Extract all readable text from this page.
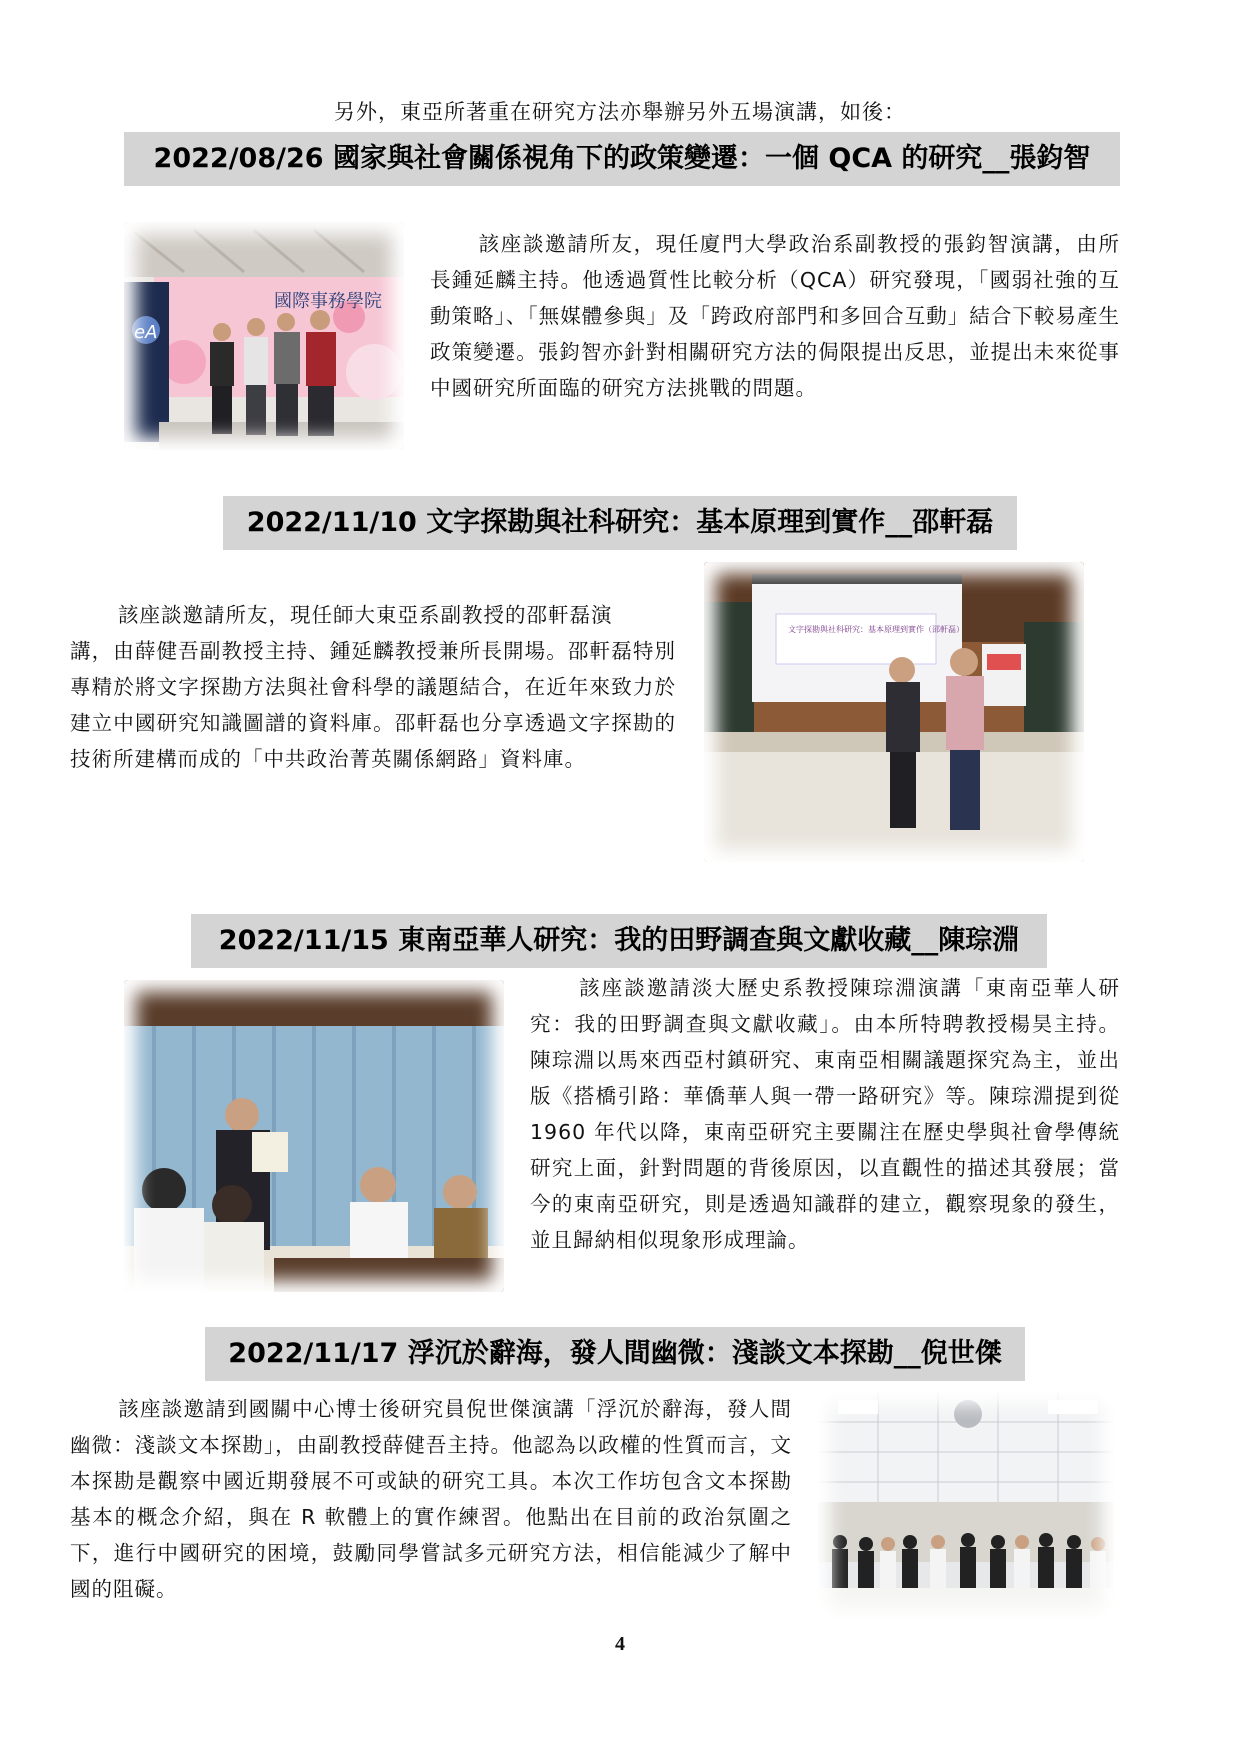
另外，東亞所著重在研究方法亦舉辦另外五場演講，如後：
2022/08/26 國家與社會關係視角下的政策變遷：一個 QCA 的研究__張鈞智
國際事務學院
eA
該座談邀請所友，現任廈門大學政治系副教授的張鈞智演講，由所長鍾延麟主持。他透過質性比較分析（QCA）研究發現，「國弱社強的互動策略」、「無媒體參與」及「跨政府部門和多回合互動」結合下較易產生政策變遷。張鈞智亦針對相關研究方法的侷限提出反思，並提出未來從事中國研究所面臨的研究方法挑戰的問題。
2022/11/10 文字探勘與社科研究：基本原理到實作__邵軒磊
該座談邀請所友，現任師大東亞系副教授的邵軒磊演
講，由薛健吾副教授主持、鍾延麟教授兼所長開場。邵軒磊特別專精於將文字探勘方法與社會科學的議題結合，在近年來致力於建立中國研究知識圖譜的資料庫。邵軒磊也分享透過文字探勘的技術所建構而成的「中共政治菁英關係網路」資料庫。
文字探勘與社科研究：基本原理到實作（邵軒磊）
2022/11/15 東南亞華人研究：我的田野調查與文獻收藏__陳琮淵
該座談邀請淡大歷史系教授陳琮淵演講「東南亞華人研究：我的田野調查與文獻收藏」。由本所特聘教授楊昊主持。陳琮淵以馬來西亞村鎮研究、東南亞相關議題探究為主，並出版《搭橋引路：華僑華人與一帶一路研究》等。陳琮淵提到從 1960 年代以降，東南亞研究主要關注在歷史學與社會學傳統研究上面，針對問題的背後原因，以直觀性的描述其發展；當今的東南亞研究，則是透過知識群的建立，觀察現象的發生，並且歸納相似現象形成理論。
2022/11/17 浮沉於辭海，發人間幽微：淺談文本探勘__倪世傑
該座談邀請到國關中心博士後研究員倪世傑演講「浮沉於辭海，發人間幽微：淺談文本探勘」，由副教授薛健吾主持。他認為以政權的性質而言，文本探勘是觀察中國近期發展不可或缺的研究工具。本次工作坊包含文本探勘基本的概念介紹，與在 R 軟體上的實作練習。他點出在目前的政治氛圍之下，進行中國研究的困境，鼓勵同學嘗試多元研究方法，相信能減少了解中國的阻礙。
4
